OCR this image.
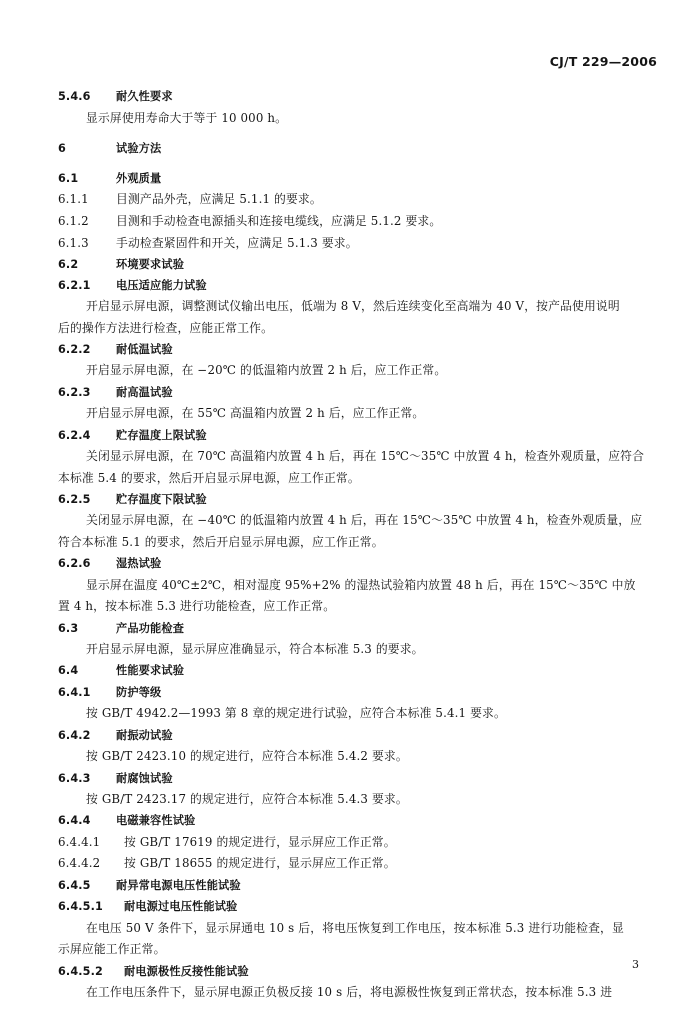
CJ/T 229—2006
5.4.6 耐久性要求
显示屏使用寿命大于等于 10 000 h。
6	试验方法
6.1	外观质量
6.1.1 目测产品外壳，应满足 5.1.1 的要求。
6.1.2 目测和手动检查电源插头和连接电缆线，应满足 5.1.2 要求。
6.1.3 手动检查紧固件和开关，应满足 5.1.3 要求。
6.2	环境要求试验
6.2.1 电压适应能力试验
开启显示屏电源，调整测试仪输出电压，低端为 8 V，然后连续变化至高端为 40 V，按产品使用说明
后的操作方法进行检查，应能正常工作。
6.2.2 耐低温试验
开启显示屏电源，在 −20℃ 的低温箱内放置 2 h 后，应工作正常。
6.2.3 耐高温试验
开启显示屏电源，在 55℃ 高温箱内放置 2 h 后，应工作正常。
6.2.4 贮存温度上限试验
关闭显示屏电源，在 70℃ 高温箱内放置 4 h 后，再在 15℃～35℃ 中放置 4 h，检查外观质量，应符合
本标准 5.4 的要求，然后开启显示屏电源，应工作正常。
6.2.5 贮存温度下限试验
关闭显示屏电源，在 −40℃ 的低温箱内放置 4 h 后，再在 15℃～35℃ 中放置 4 h，检查外观质量，应
符合本标准 5.1 的要求，然后开启显示屏电源，应工作正常。
6.2.6 湿热试验
显示屏在温度 40℃±2℃，相对湿度 95%+2% 的湿热试验箱内放置 48 h 后，再在 15℃～35℃ 中放
置 4 h，按本标准 5.3 进行功能检查，应工作正常。
6.3	产品功能检查
开启显示屏电源，显示屏应准确显示，符合本标准 5.3 的要求。
6.4	性能要求试验
6.4.1 防护等级
按 GB/T 4942.2—1993 第 8 章的规定进行试验，应符合本标准 5.4.1 要求。
6.4.2 耐振动试验
按 GB/T 2423.10 的规定进行，应符合本标准 5.4.2 要求。
6.4.3 耐腐蚀试验
按 GB/T 2423.17 的规定进行，应符合本标准 5.4.3 要求。
6.4.4 电磁兼容性试验
6.4.4.1 按 GB/T 17619 的规定进行，显示屏应工作正常。
6.4.4.2 按 GB/T 18655 的规定进行，显示屏应工作正常。
6.4.5 耐异常电源电压性能试验
6.4.5.1 耐电源过电压性能试验
在电压 50 V 条件下，显示屏通电 10 s 后，将电压恢复到工作电压，按本标准 5.3 进行功能检查，显
示屏应能工作正常。
6.4.5.2 耐电源极性反接性能试验
在工作电压条件下，显示屏电源正负极反接 10 s 后，将电源极性恢复到正常状态，按本标准 5.3 进
3
